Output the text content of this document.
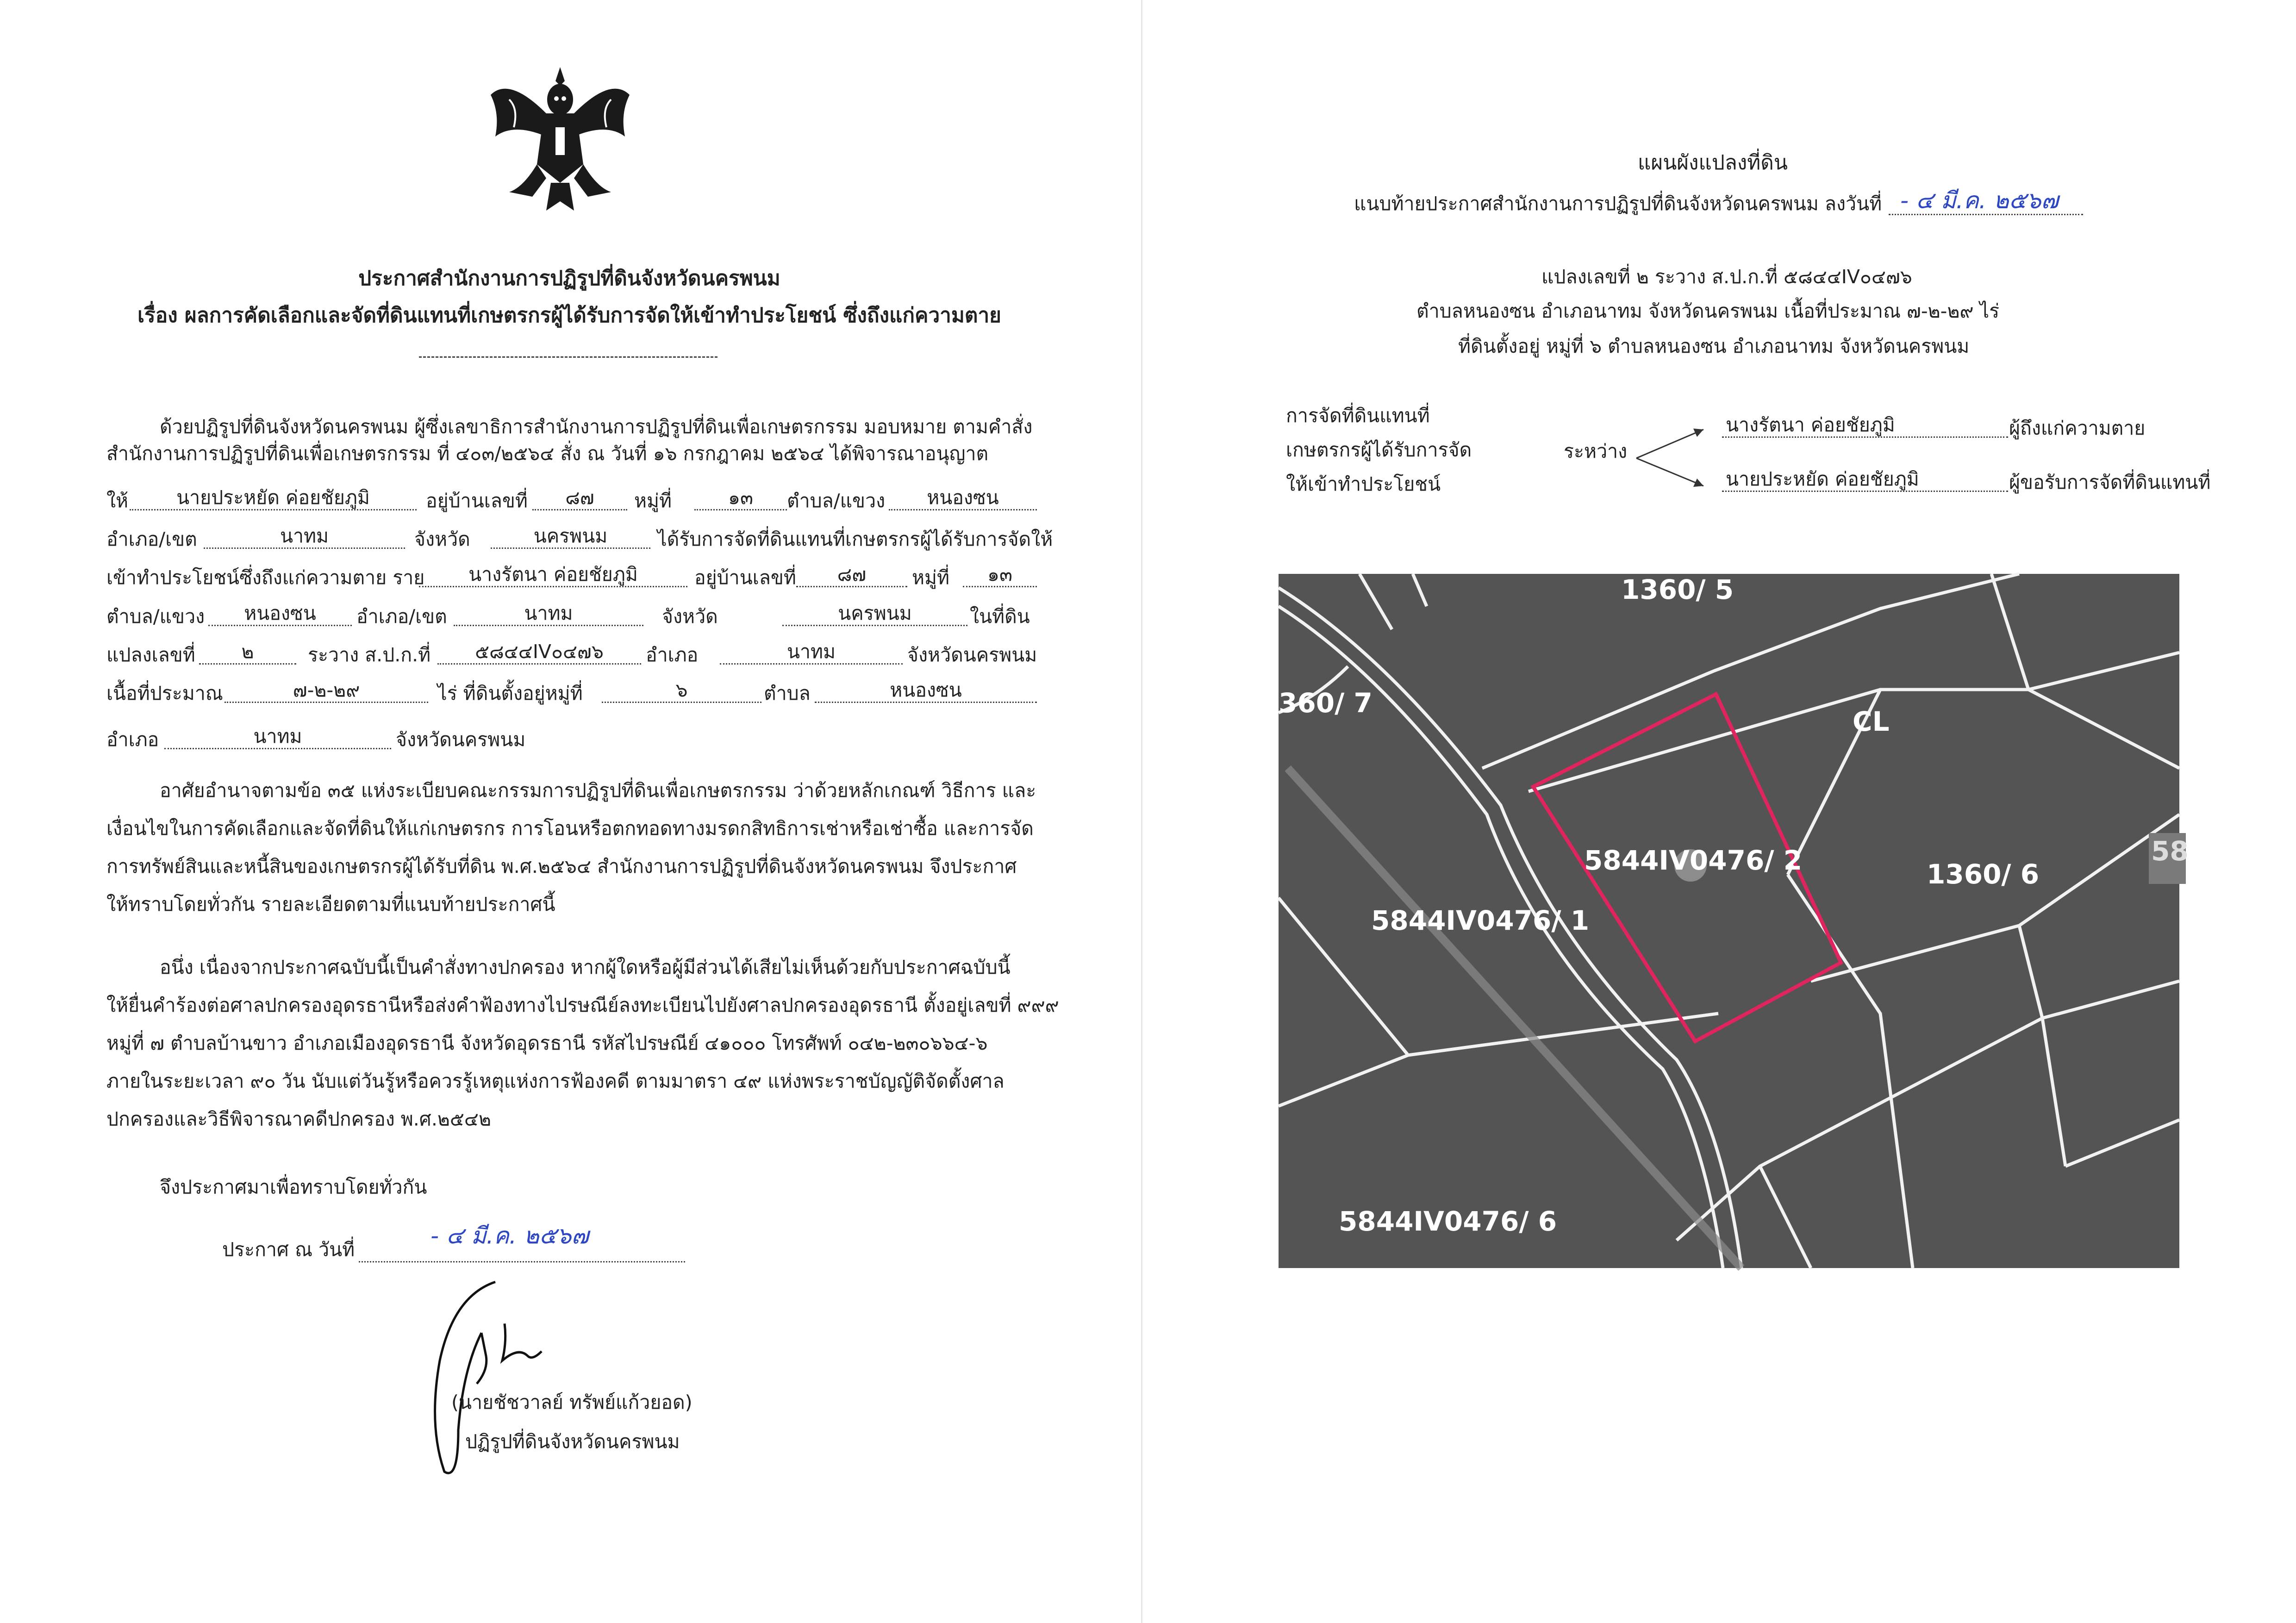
ประกาศสำนักงานการปฏิรูปที่ดินจังหวัดนครพนม
เรื่อง ผลการคัดเลือกและจัดที่ดินแทนที่เกษตรกรผู้ได้รับการจัดให้เข้าทำประโยชน์ ซึ่งถึงแก่ความตาย
ด้วยปฏิรูปที่ดินจังหวัดนครพนม ผู้ซึ่งเลขาธิการสำนักงานการปฏิรูปที่ดินเพื่อเกษตรกรรม มอบหมาย ตามคำสั่ง
สำนักงานการปฏิรูปที่ดินเพื่อเกษตรกรรม ที่ ๔๐๓/๒๕๖๔ สั่ง ณ วันที่ ๑๖ กรกฎาคม ๒๕๖๔ ได้พิจารณาอนุญาต
ให้	นายประหยัด ค่อยชัยภูมิ	อยู่บ้านเลขที่	๘๗	หมู่ที่	๑๓	ตำบล/แขวง	หนองซน
อำเภอ/เขต	นาทม	จังหวัด	นครพนม	ได้รับการจัดที่ดินแทนที่เกษตรกรผู้ได้รับการจัดให้
เข้าทำประโยชน์ซึ่งถึงแก่ความตาย ราย	นางรัตนา ค่อยชัยภูมิ	อยู่บ้านเลขที่	๘๗	หมู่ที่	๑๓
ตำบล/แขวง	หนองซน	อำเภอ/เขต	นาทม	จังหวัด	นครพนม	ในที่ดิน
แปลงเลขที่	๒	ระวาง ส.ป.ก.ที่	๕๘๔๔IV๐๔๗๖	อำเภอ	นาทม	จังหวัดนครพนม
เนื้อที่ประมาณ	๗-๒-๒๙	ไร่ ที่ดินตั้งอยู่หมู่ที่	๖	ตำบล	หนองซน
อำเภอ	นาทม	จังหวัดนครพนม
อาศัยอำนาจตามข้อ ๓๕ แห่งระเบียบคณะกรรมการปฏิรูปที่ดินเพื่อเกษตรกรรม ว่าด้วยหลักเกณฑ์ วิธีการ และ
เงื่อนไขในการคัดเลือกและจัดที่ดินให้แก่เกษตรกร การโอนหรือตกทอดทางมรดกสิทธิการเช่าหรือเช่าซื้อ และการจัด
การทรัพย์สินและหนี้สินของเกษตรกรผู้ได้รับที่ดิน พ.ศ.๒๕๖๔ สำนักงานการปฏิรูปที่ดินจังหวัดนครพนม จึงประกาศ
ให้ทราบโดยทั่วกัน รายละเอียดตามที่แนบท้ายประกาศนี้
อนึ่ง เนื่องจากประกาศฉบับนี้เป็นคำสั่งทางปกครอง หากผู้ใดหรือผู้มีส่วนได้เสียไม่เห็นด้วยกับประกาศฉบับนี้
ให้ยื่นคำร้องต่อศาลปกครองอุดรธานีหรือส่งคำฟ้องทางไปรษณีย์ลงทะเบียนไปยังศาลปกครองอุดรธานี ตั้งอยู่เลขที่ ๙๙๙
หมู่ที่ ๗ ตำบลบ้านขาว อำเภอเมืองอุดรธานี จังหวัดอุดรธานี รหัสไปรษณีย์ ๔๑๐๐๐ โทรศัพท์ ๐๔๒-๒๓๐๖๖๔-๖
ภายในระยะเวลา ๙๐ วัน นับแต่วันรู้หรือควรรู้เหตุแห่งการฟ้องคดี ตามมาตรา ๔๙ แห่งพระราชบัญญัติจัดตั้งศาล
ปกครองและวิธีพิจารณาคดีปกครอง พ.ศ.๒๕๔๒
จึงประกาศมาเพื่อทราบโดยทั่วกัน
ประกาศ ณ วันที่
- ๔ มี.ค. ๒๕๖๗
(นายชัชวาลย์ ทรัพย์แก้วยอด)
ปฏิรูปที่ดินจังหวัดนครพนม
แผนผังแปลงที่ดิน
แนบท้ายประกาศสำนักงานการปฏิรูปที่ดินจังหวัดนครพนม ลงวันที่ - ๔ มี.ค. ๒๕๖๗
แปลงเลขที่ ๒ ระวาง ส.ป.ก.ที่ ๕๘๔๔IV๐๔๗๖
ตำบลหนองซน อำเภอนาทม จังหวัดนครพนม เนื้อที่ประมาณ ๗-๒-๒๙ ไร่
ที่ดินตั้งอยู่ หมู่ที่ ๖ ตำบลหนองซน อำเภอนาทม จังหวัดนครพนม
การจัดที่ดินแทนที่
เกษตรกรผู้ได้รับการจัด
ให้เข้าทำประโยชน์
ระหว่าง
นางรัตนา ค่อยชัยภูมิ	ผู้ถึงแก่ความตาย
นายประหยัด ค่อยชัยภูมิ	ผู้ขอรับการจัดที่ดินแทนที่
1360/ 5
360/ 7
CL
5844IV0476/ 2	1360/ 6
5844IV0476/ 1
5844IV0476/ 6
58
